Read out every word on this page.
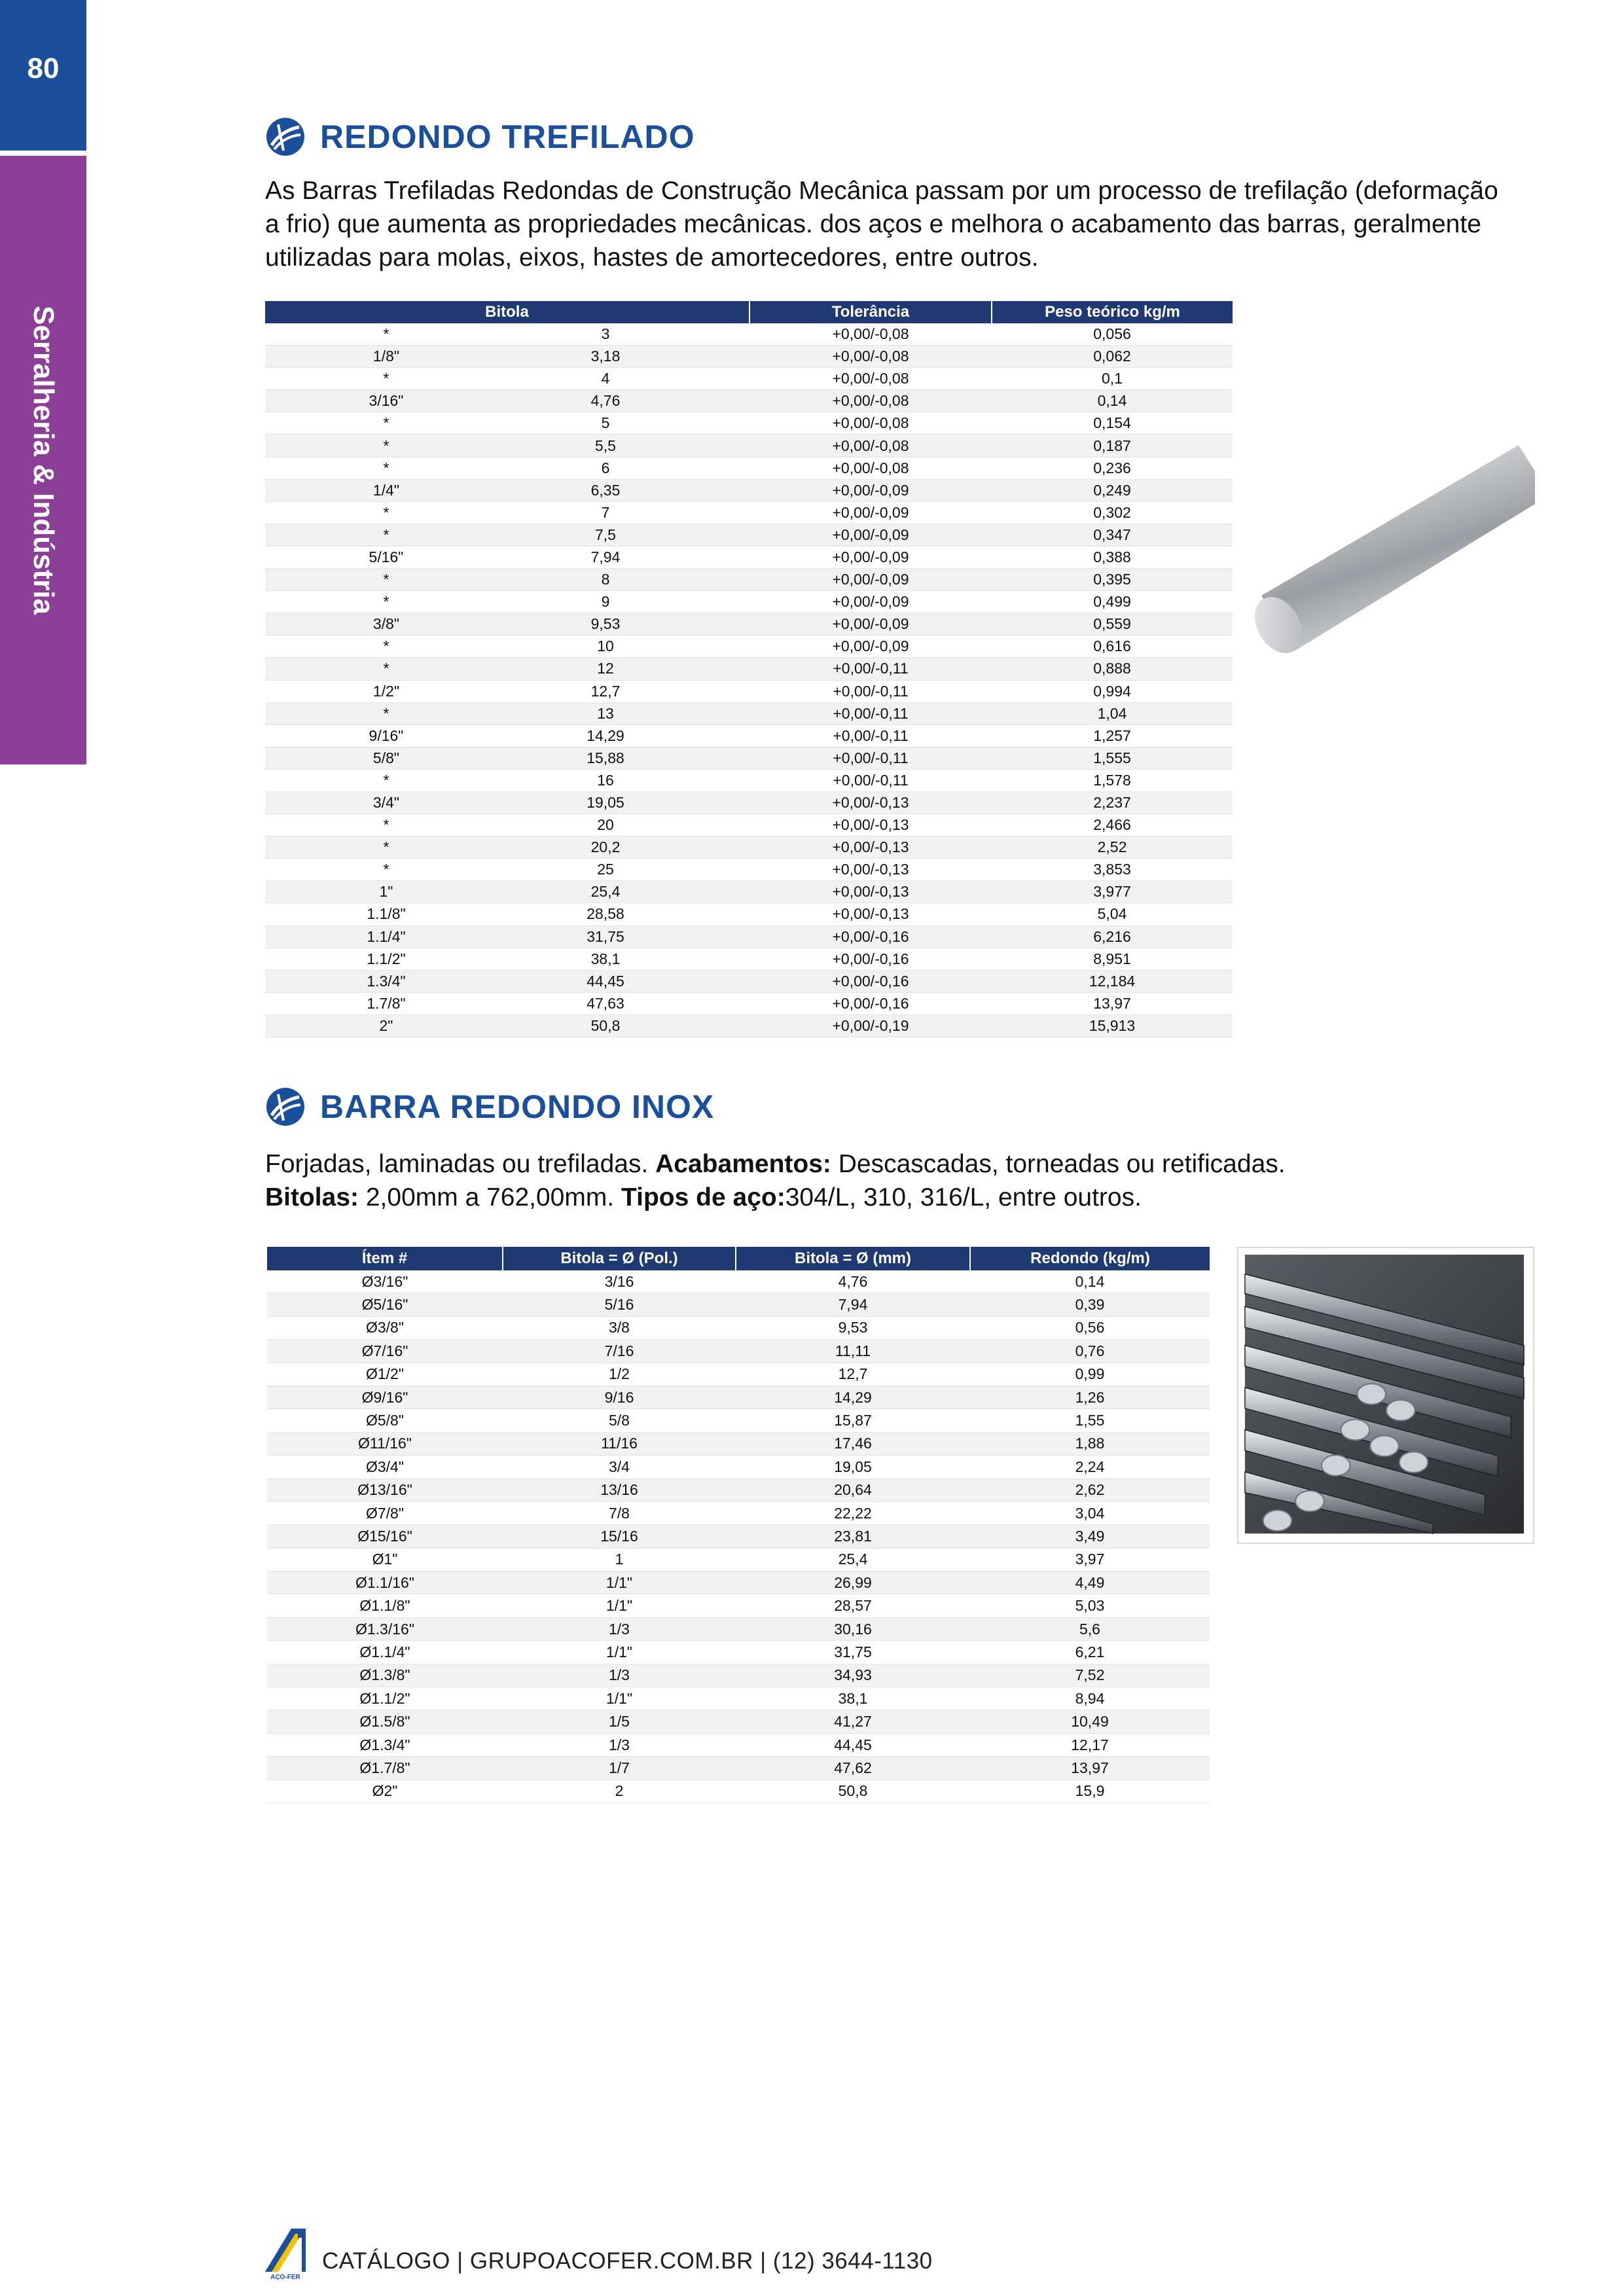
80
Serralheria & Indústria
REDONDO TREFILADO
As Barras Trefiladas Redondas de Construção Mecânica passam por um processo de trefilação (deformação a frio) que aumenta as propriedades mecânicas. dos aços e melhora o acabamento das barras, geralmente utilizadas para molas, eixos, hastes de amortecedores, entre outros.
Bitola	Tolerância	Peso teórico kg/m
* 3	+0,00/-0,08	0,056
1/8" 3,18	+0,00/-0,08	0,062
* 4	+0,00/-0,08	0,1
3/16" 4,76	+0,00/-0,08	0,14
* 5	+0,00/-0,08	0,154
* 5,5	+0,00/-0,08	0,187
* 6	+0,00/-0,08	0,236
1/4" 6,35	+0,00/-0,09	0,249
* 7	+0,00/-0,09	0,302
* 7,5	+0,00/-0,09	0,347
5/16" 7,94	+0,00/-0,09	0,388
* 8	+0,00/-0,09	0,395
* 9	+0,00/-0,09	0,499
3/8" 9,53	+0,00/-0,09	0,559
* 10	+0,00/-0,09	0,616
* 12	+0,00/-0,11	0,888
1/2" 12,7	+0,00/-0,11	0,994
* 13	+0,00/-0,11	1,04
9/16" 14,29	+0,00/-0,11	1,257
5/8" 15,88	+0,00/-0,11	1,555
* 16	+0,00/-0,11	1,578
3/4" 19,05	+0,00/-0,13	2,237
* 20	+0,00/-0,13	2,466
* 20,2	+0,00/-0,13	2,52
* 25	+0,00/-0,13	3,853
1" 25,4	+0,00/-0,13	3,977
1.1/8" 28,58	+0,00/-0,13	5,04
1.1/4" 31,75	+0,00/-0,16	6,216
1.1/2" 38,1	+0,00/-0,16	8,951
1.3/4" 44,45	+0,00/-0,16	12,184
1.7/8" 47,63	+0,00/-0,16	13,97
2" 50,8	+0,00/-0,19	15,913
BARRA REDONDO INOX
Forjadas, laminadas ou trefiladas. Acabamentos: Descascadas, torneadas ou retificadas.
Bitolas: 2,00mm a 762,00mm. Tipos de aço:304/L, 310, 316/L, entre outros.
Ítem #	Bitola = Ø (Pol.)	Bitola = Ø (mm)	Redondo (kg/m)
Ø3/16"	3/16	4,76	0,14
Ø5/16"	5/16	7,94	0,39
Ø3/8"	3/8	9,53	0,56
Ø7/16"	7/16	11,11	0,76
Ø1/2"	1/2	12,7	0,99
Ø9/16"	9/16	14,29	1,26
Ø5/8"	5/8	15,87	1,55
Ø11/16"	11/16	17,46	1,88
Ø3/4"	3/4	19,05	2,24
Ø13/16"	13/16	20,64	2,62
Ø7/8"	7/8	22,22	3,04
Ø15/16"	15/16	23,81	3,49
Ø1"	1	25,4	3,97
Ø1.1/16"	1/1"	26,99	4,49
Ø1.1/8"	1/1"	28,57	5,03
Ø1.3/16"	1/3	30,16	5,6
Ø1.1/4"	1/1"	31,75	6,21
Ø1.3/8"	1/3	34,93	7,52
Ø1.1/2"	1/1"	38,1	8,94
Ø1.5/8"	1/5	41,27	10,49
Ø1.3/4"	1/3	44,45	12,17
Ø1.7/8"	1/7	47,62	13,97
Ø2"	2	50,8	15,9
AÇO-FER
CATÁLOGO | GRUPOACOFER.COM.BR | (12) 3644-1130
